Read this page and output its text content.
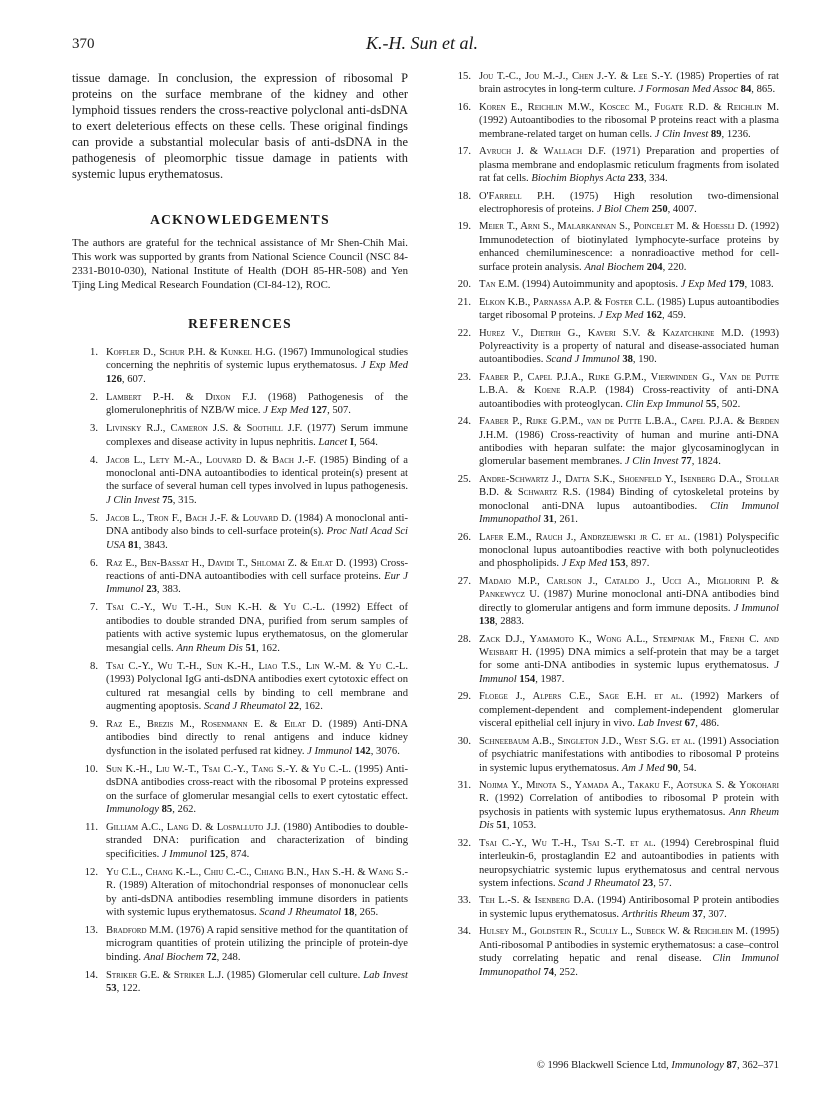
370	K.-H. Sun et al.

tissue damage. In conclusion, the expression of ribosomal P proteins on the surface membrane of the kidney and other lymphoid tissues renders the cross-reactive polyclonal anti-dsDNA to exert deleterious effects on these cells. These original findings can provide a substantial molecular basis of anti-dsDNA in the pathogenesis of pleomorphic tissue damage in patients with systemic lupus erythematosus.

ACKNOWLEDGEMENTS

The authors are grateful for the technical assistance of Mr Shen-Chih Mai. This work was supported by grants from National Science Council (NSC 84-2331-B010-030), National Institute of Health (DOH 85-HR-508) and Yen Tjing Ling Medical Research Foundation (CI-84-12), ROC.

REFERENCES
1. Koffler D., Schur P.H. & Kunkel H.G. (1967) Immunological studies concerning the nephritis of systemic lupus erythematosus. J Exp Med 126, 607.
2. Lambert P.-H. & Dixon F.J. (1968) Pathogenesis of the glomerulonephritis of NZB/W mice. J Exp Med 127, 507.
3. Livinsky R.J., Cameron J.S. & Soothill J.F. (1977) Serum immune complexes and disease activity in lupus nephritis. Lancet I, 564.
4. Jacob L., Lety M.-A., Louvard D. & Bach J.-F. (1985) Binding of a monoclonal anti-DNA autoantibodies to identical protein(s) present at the surface of several human cell types involved in lupus pathogenesis. J Clin Invest 75, 315.
5. Jacob L., Tron F., Bach J.-F. & Louvard D. (1984) A monoclonal anti-DNA antibody also binds to cell-surface protein(s). Proc Natl Acad Sci USA 81, 3843.
6. Raz E., Ben-Bassat H., Davidi T., Shlomai Z. & Eilat D. (1993) Cross-reactions of anti-DNA autoantibodies with cell surface proteins. Eur J Immunol 23, 383.
7. Tsai C.-Y., Wu T.-H., Sun K.-H. & Yu C.-L. (1992) Effect of antibodies to double stranded DNA, purified from serum samples of patients with active systemic lupus erythematosus, on the glomerular mesangial cells. Ann Rheum Dis 51, 162.
8. Tsai C.-Y., Wu T.-H., Sun K.-H., Liao T.S., Lin W.-M. & Yu C.-L. (1993) Polyclonal IgG anti-dsDNA antibodies exert cytotoxic effect on cultured rat mesangial cells by binding to cell membrane and augmenting apoptosis. Scand J Rheumatol 22, 162.
9. Raz E., Brezis M., Rosenmann E. & Eilat D. (1989) Anti-DNA antibodies bind directly to renal antigens and induce kidney dysfunction in the isolated perfused rat kidney. J Immunol 142, 3076.
10. Sun K.-H., Liu W.-T., Tsai C.-Y., Tang S.-Y. & Yu C.-L. (1995) Anti-dsDNA antibodies cross-react with the ribosomal P proteins expressed on the surface of glomerular mesangial cells to exert cytostatic effect. Immunology 85, 262.
11. Gilliam A.C., Lang D. & Lospalluto J.J. (1980) Antibodies to double-stranded DNA: purification and characterization of binding specificities. J Immunol 125, 874.
12. Yu C.L., Chang K.-L., Chiu C.-C., Chiang B.N., Han S.-H. & Wang S.-R. (1989) Alteration of mitochondrial responses of mononuclear cells by anti-dsDNA antibodies resembling immune disorders in patients with systemic lupus erythematosus. Scand J Rheumatol 18, 265.
13. Bradford M.M. (1976) A rapid sensitive method for the quantitation of microgram quantities of protein utilizing the principle of protein-dye binding. Anal Biochem 72, 248.
14. Striker G.E. & Striker L.J. (1985) Glomerular cell culture. Lab Invest 53, 122.
15. Jou T.-C., Jou M.-J., Chen J.-Y. & Lee S.-Y. (1985) Properties of rat brain astrocytes in long-term culture. J Formosan Med Assoc 84, 865.
16. Koren E., Reichlin M.W., Koscec M., Fugate R.D. & Reichlin M. (1992) Autoantibodies to the ribosomal P proteins react with a plasma membrane-related target on human cells. J Clin Invest 89, 1236.
17. Avruch J. & Wallach D.F. (1971) Preparation and properties of plasma membrane and endoplasmic reticulum fragments from isolated rat fat cells. Biochim Biophys Acta 233, 334.
18. O'Farrell P.H. (1975) High resolution two-dimensional electrophoresis of proteins. J Biol Chem 250, 4007.
19. Meier T., Arni S., Malarkannan S., Poincelet M. & Hoessli D. (1992) Immunodetection of biotinylated lymphocyte-surface proteins by enhanced chemiluminescence: a nonradioactive method for cell-surface protein analysis. Anal Biochem 204, 220.
20. Tan E.M. (1994) Autoimmunity and apoptosis. J Exp Med 179, 1083.
21. Elkon K.B., Parnassa A.P. & Foster C.L. (1985) Lupus autoantibodies target ribosomal P proteins. J Exp Med 162, 459.
22. Hurez V., Dietrih G., Kaveri S.V. & Kazatchkine M.D. (1993) Polyreactivity is a property of natural and disease-associated human autoantibodies. Scand J Immunol 38, 190.
23. Faaber P., Capel P.J.A., Rijke G.P.M., Vierwinden G., Van de Putte L.B.A. & Koene R.A.P. (1984) Cross-reactivity of anti-DNA autoantibodies with proteoglycan. Clin Exp Immunol 55, 502.
24. Faaber P., Rijke G.P.M., van de Putte L.B.A., Capel P.J.A. & Berden J.H.M. (1986) Cross-reactivity of human and murine anti-DNA antibodies with heparan sulfate: the major glycosaminoglycan in glomerular basement membranes. J Clin Invest 77, 1824.
25. Andre-Schwartz J., Datta S.K., Shoenfeld Y., Isenberg D.A., Stollar B.D. & Schwartz R.S. (1984) Binding of cytoskeletal proteins by monoclonal anti-DNA lupus autoantibodies. Clin Immunol Immunopathol 31, 261.
26. Lafer E.M., Rauch J., Andrzejewski jr C. et al. (1981) Polyspecific monoclonal lupus autoantibodies reactive with both polynucleotides and phospholipids. J Exp Med 153, 897.
27. Madaio M.P., Carlson J., Cataldo J., Ucci A., Migliorini P. & Pankewycz U. (1987) Murine monoclonal anti-DNA antibodies bind directly to glomerular antigens and form immune deposits. J Immunol 138, 2883.
28. Zack D.J., Yamamoto K., Wong A.L., Stempniak M., Frenh C. and Weisbart H. (1995) DNA mimics a self-protein that may be a target for some anti-DNA antibodies in systemic lupus erythematosus. J Immunol 154, 1987.
29. Floege J., Alpers C.E., Sage E.H. et al. (1992) Markers of complement-dependent and complement-independent glomerular visceral epithelial cell injury in vivo. Lab Invest 67, 486.
30. Schneebaum A.B., Singleton J.D., West S.G. et al. (1991) Association of psychiatric manifestations with antibodies to ribosomal P proteins in systemic lupus erythematosus. Am J Med 90, 54.
31. Nojima Y., Minota S., Yamada A., Takaku F., Aotsuka S. & Yokohari R. (1992) Correlation of antibodies to ribosomal P protein with psychosis in patients with systemic lupus erythematosus. Ann Rheum Dis 51, 1053.
32. Tsai C.-Y., Wu T.-H., Tsai S.-T. et al. (1994) Cerebrospinal fluid interleukin-6, prostaglandin E2 and autoantibodies in patients with neuropsychiatric systemic lupus erythematosus and central nervous system infections. Scand J Rheumatol 23, 57.
33. Teh L.-S. & Isenberg D.A. (1994) Antiribosomal P protein antibodies in systemic lupus erythematosus. Arthritis Rheum 37, 307.
34. Hulsey M., Goldstein R., Scully L., Subeck W. & Reichlein M. (1995) Anti-ribosomal P antibodies in systemic erythematosus: a case–control study correlating hepatic and renal disease. Clin Immunol Immunopathol 74, 252.
© 1996 Blackwell Science Ltd, Immunology 87, 362–371
